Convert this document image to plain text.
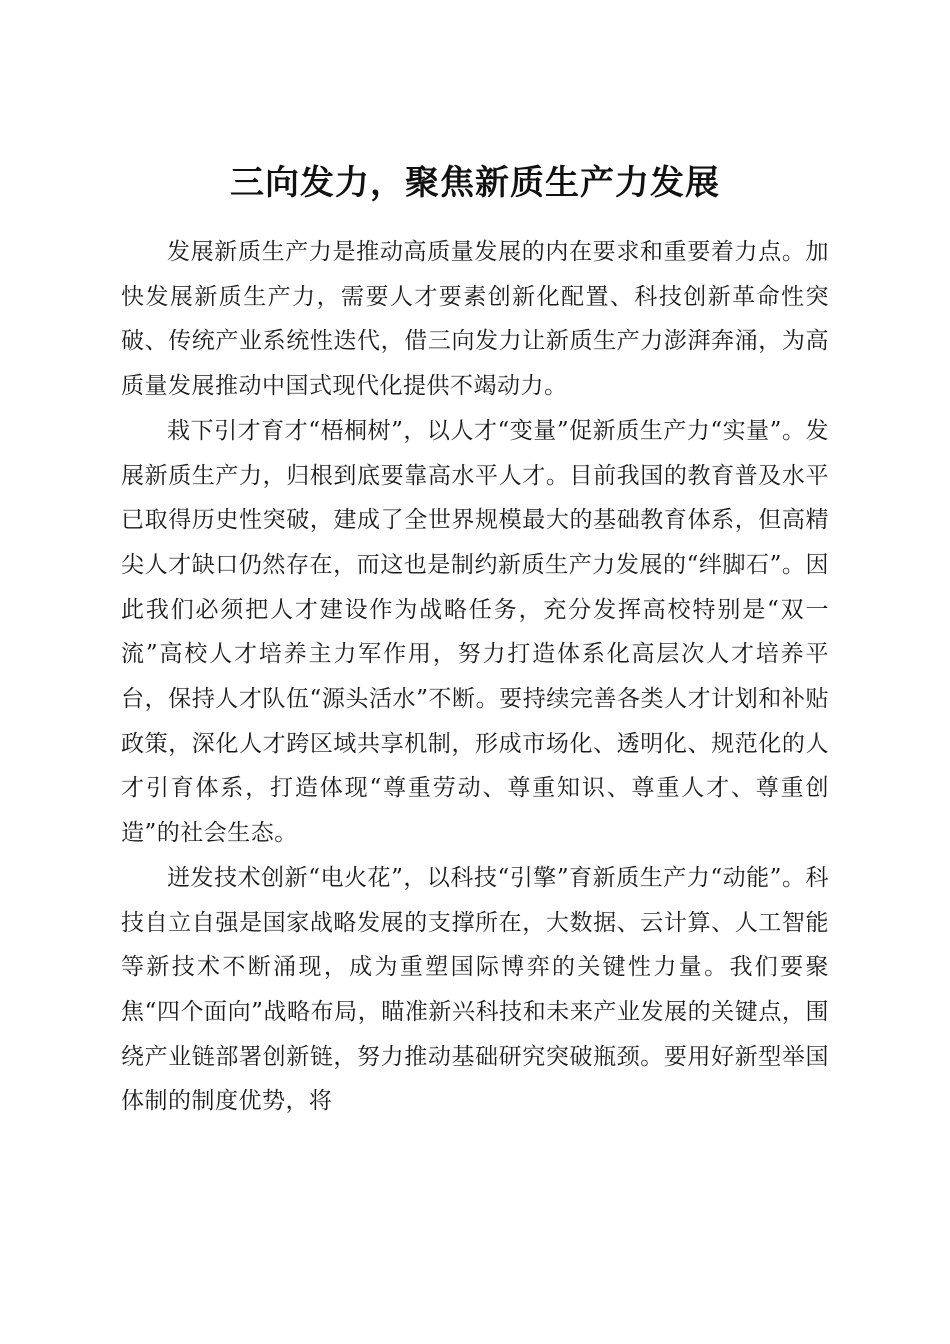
三向发力，聚焦新质生产力发展

发展新质生产力是推动高质量发展的内在要求和重要着力点。加快发展新质生产力，需要人才要素创新化配置、科技创新革命性突破、传统产业系统性迭代，借三向发力让新质生产力澎湃奔涌，为高质量发展推动中国式现代化提供不竭动力。

栽下引才育才“梧桐树”，以人才“变量”促新质生产力“实量”。发展新质生产力，归根到底要靠高水平人才。目前我国的教育普及水平已取得历史性突破，建成了全世界规模最大的基础教育体系，但高精尖人才缺口仍然存在，而这也是制约新质生产力发展的“绊脚石”。因此我们必须把人才建设作为战略任务，充分发挥高校特别是“双一流”高校人才培养主力军作用，努力打造体系化高层次人才培养平台，保持人才队伍“源头活水”不断。要持续完善各类人才计划和补贴政策，深化人才跨区域共享机制，形成市场化、透明化、规范化的人才引育体系，打造体现“尊重劳动、尊重知识、尊重人才、尊重创造”的社会生态。

迸发技术创新“电火花”，以科技“引擎”育新质生产力“动能”。科技自立自强是国家战略发展的支撑所在，大数据、云计算、人工智能等新技术不断涌现，成为重塑国际博弈的关键性力量。我们要聚焦“四个面向”战略布局，瞄准新兴科技和未来产业发展的关键点，围绕产业链部署创新链，努力推动基础研究突破瓶颈。要用好新型举国体制的制度优势，将
